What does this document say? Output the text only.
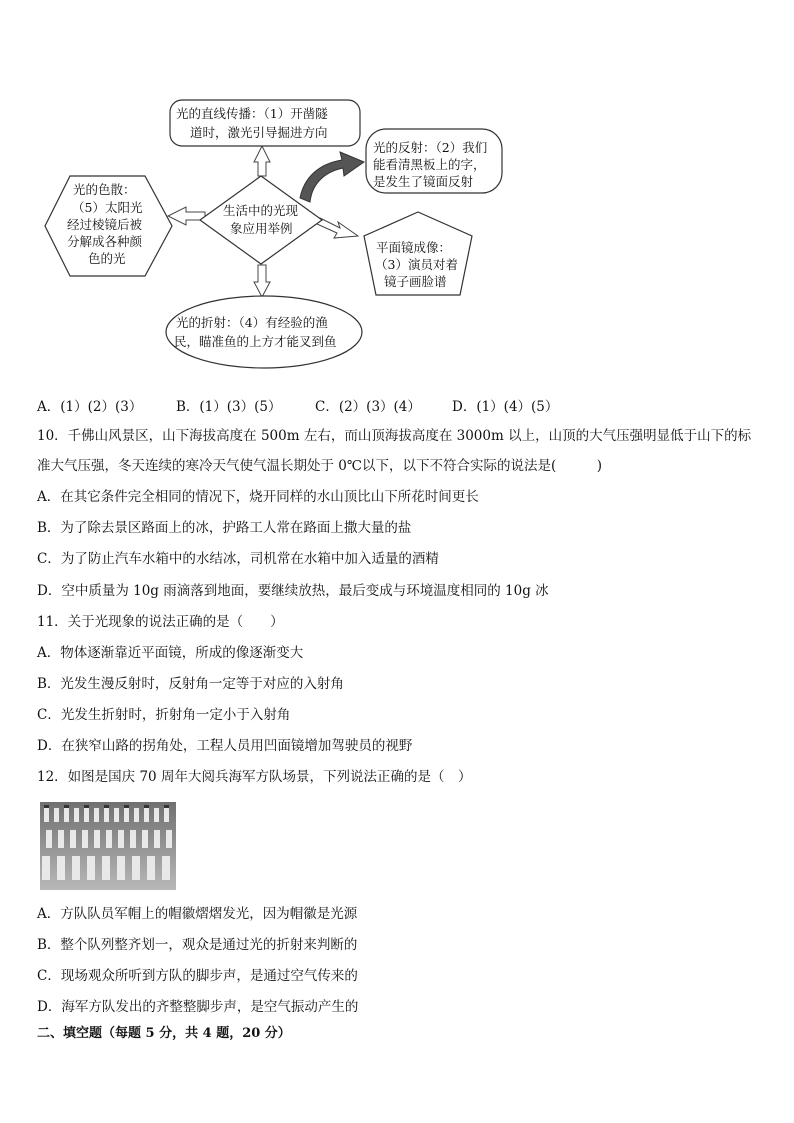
光的直线传播：（1）开凿隧
道时，激光引导掘进方向
光的反射：（2）我们
能看清黑板上的字，
是发生了镜面反射
光的色散：
（5）太阳光
经过棱镜后被
分解成各种颜
色的光
生活中的光现
象应用举例
平面镜成像：
（3）演员对着
镜子画脸谱
光的折射：（4）有经验的渔
民，瞄准鱼的上方才能叉到鱼
A．(1）(2）(3） B．(1）(3）(5） C．(2）(3）(4） D．(1）(4）(5）
10．千佛山风景区，山下海拔高度在 500m 左右，而山顶海拔高度在 3000m 以上，山顶的大气压强明显低于山下的标
准大气压强，冬天连续的寒冷天气使气温长期处于 0℃以下，以下不符合实际的说法是(　　　)
A．在其它条件完全相同的情况下，烧开同样的水山顶比山下所花时间更长
B．为了除去景区路面上的冰，护路工人常在路面上撒大量的盐
C．为了防止汽车水箱中的水结冰，司机常在水箱中加入适量的酒精
D．空中质量为 10g 雨滴落到地面，要继续放热，最后变成与环境温度相同的 10g 冰
11．关于光现象的说法正确的是（　　）
A．物体逐渐靠近平面镜，所成的像逐渐变大
B．光发生漫反射时，反射角一定等于对应的入射角
C．光发生折射时，折射角一定小于入射角
D．在狭窄山路的拐角处，工程人员用凹面镜增加驾驶员的视野
12．如图是国庆 70 周年大阅兵海军方队场景，下列说法正确的是（　）
A．方队队员军帽上的帽徽熠熠发光，因为帽徽是光源
B．整个队列整齐划一，观众是通过光的折射来判断的
C．现场观众所听到方队的脚步声，是通过空气传来的
D．海军方队发出的齐整整脚步声，是空气振动产生的
二、填空题（每题 5 分，共 4 题，20 分）
